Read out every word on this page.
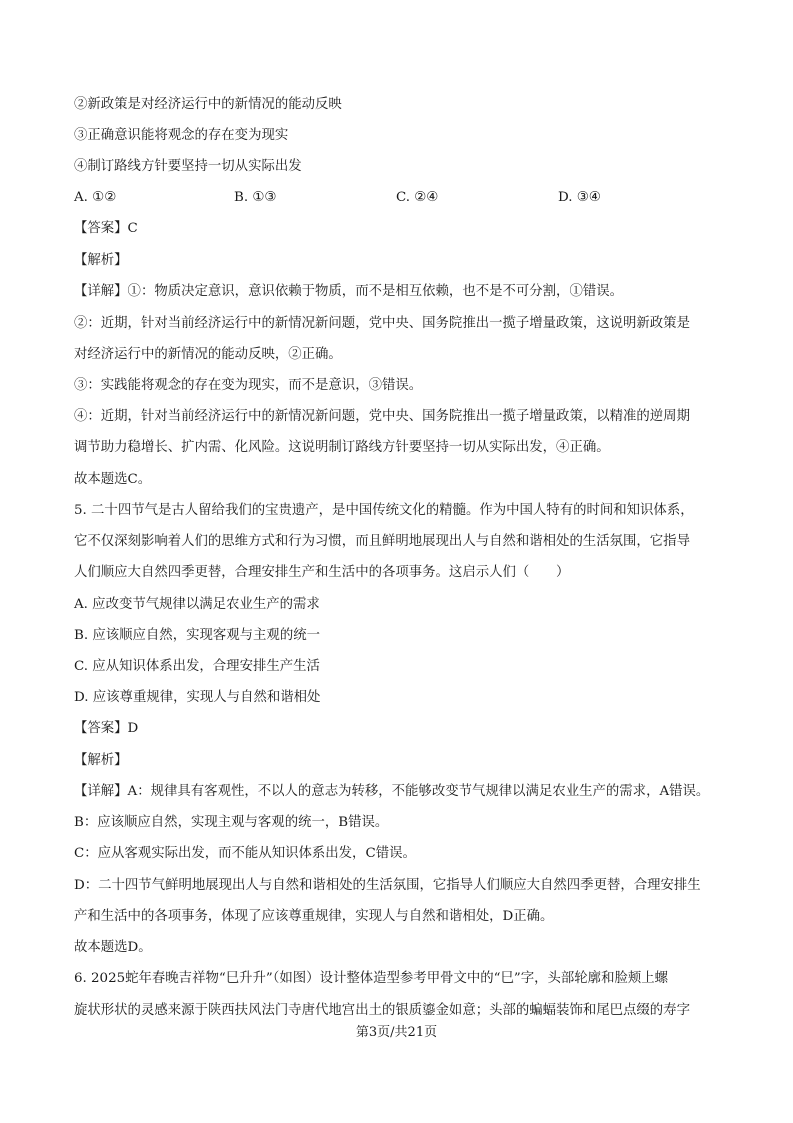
②新政策是对经济运行中的新情况的能动反映
③正确意识能将观念的存在变为现实
④制订路线方针要坚持一切从实际出发
A. ①②	B. ①③	C. ②④	D. ③④
【答案】C
【解析】
【详解】①：物质决定意识，意识依赖于物质，而不是相互依赖，也不是不可分割，①错误。
②：近期，针对当前经济运行中的新情况新问题，党中央、国务院推出一揽子增量政策，这说明新政策是
对经济运行中的新情况的能动反映，②正确。
③：实践能将观念的存在变为现实，而不是意识，③错误。
④：近期，针对当前经济运行中的新情况新问题，党中央、国务院推出一揽子增量政策，以精准的逆周期
调节助力稳增长、扩内需、化风险。这说明制订路线方针要坚持一切从实际出发，④正确。
故本题选C。
5. 二十四节气是古人留给我们的宝贵遗产，是中国传统文化的精髓。作为中国人特有的时间和知识体系，
它不仅深刻影响着人们的思维方式和行为习惯，而且鲜明地展现出人与自然和谐相处的生活氛围，它指导
人们顺应大自然四季更替，合理安排生产和生活中的各项事务。这启示人们（　　）
A. 应改变节气规律以满足农业生产的需求
B. 应该顺应自然，实现客观与主观的统一
C. 应从知识体系出发，合理安排生产生活
D. 应该尊重规律，实现人与自然和谐相处
【答案】D
【解析】
【详解】A：规律具有客观性，不以人的意志为转移，不能够改变节气规律以满足农业生产的需求，A错误。
B：应该顺应自然，实现主观与客观的统一，B错误。
C：应从客观实际出发，而不能从知识体系出发，C错误。
D：二十四节气鲜明地展现出人与自然和谐相处的生活氛围，它指导人们顺应大自然四季更替，合理安排生
产和生活中的各项事务，体现了应该尊重规律，实现人与自然和谐相处，D正确。
故本题选D。
6. 2025蛇年春晚吉祥物“巳升升”（如图）设计整体造型参考甲骨文中的“巳”字，头部轮廓和脸颊上螺
旋状形状的灵感来源于陕西扶风法门寺唐代地宫出土的银质鎏金如意；头部的蝙蝠装饰和尾巴点缀的寿字
第3页/共21页
